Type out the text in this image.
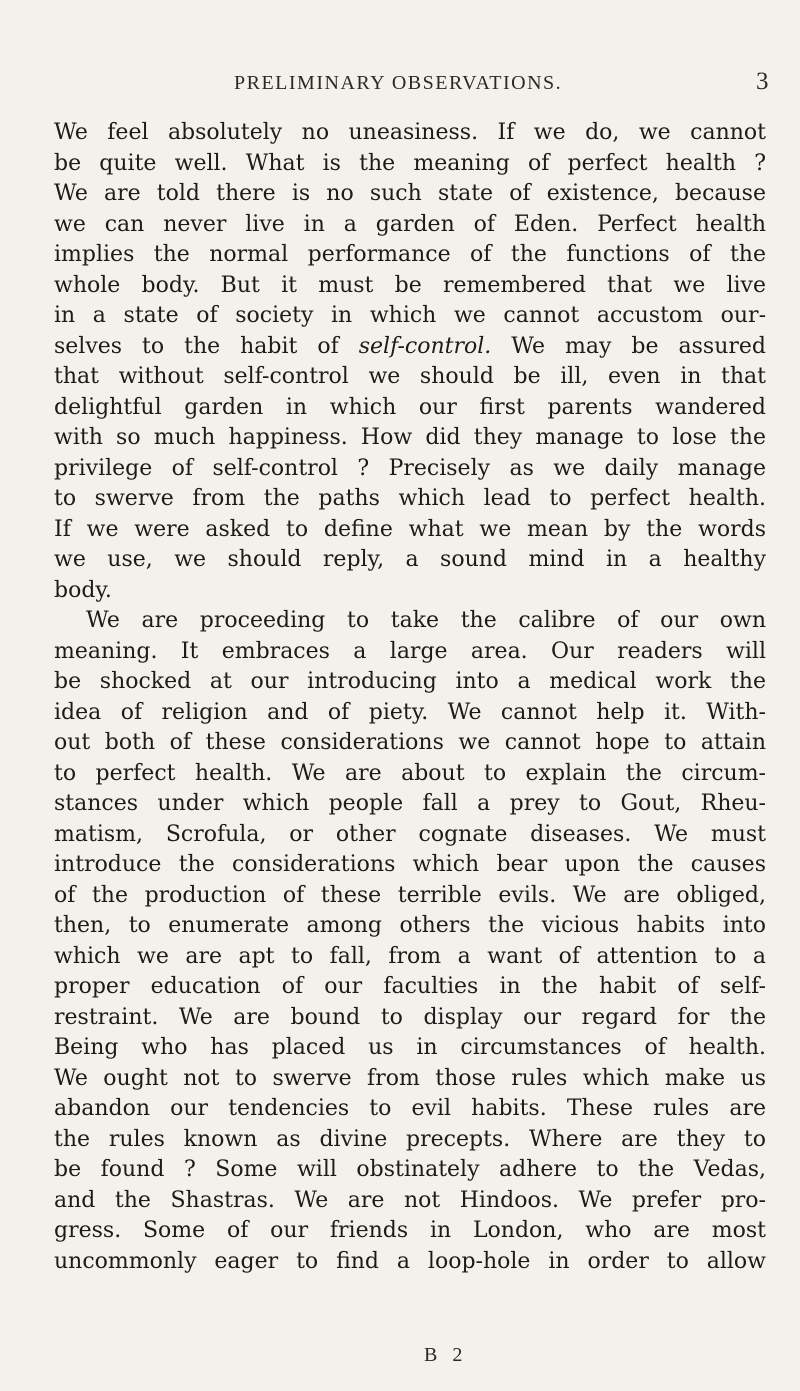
PRELIMINARY OBSERVATIONS.	3
We feel absolutely no uneasiness. If we do, we cannot
be quite well. What is the meaning of perfect health ?
We are told there is no such state of existence, because
we can never live in a garden of Eden. Perfect health
implies the normal performance of the functions of the
whole body. But it must be remembered that we live
in a state of society in which we cannot accustom our-
selves to the habit of self-control. We may be assured
that without self-control we should be ill, even in that
delightful garden in which our first parents wandered
with so much happiness. How did they manage to lose the
privilege of self-control ? Precisely as we daily manage
to swerve from the paths which lead to perfect health.
If we were asked to define what we mean by the words
we use, we should reply, a sound mind in a healthy
body.
We are proceeding to take the calibre of our own
meaning. It embraces a large area. Our readers will
be shocked at our introducing into a medical work the
idea of religion and of piety. We cannot help it. With-
out both of these considerations we cannot hope to attain
to perfect health. We are about to explain the circum-
stances under which people fall a prey to Gout, Rheu-
matism, Scrofula, or other cognate diseases. We must
introduce the considerations which bear upon the causes
of the production of these terrible evils. We are obliged,
then, to enumerate among others the vicious habits into
which we are apt to fall, from a want of attention to a
proper education of our faculties in the habit of self-
restraint. We are bound to display our regard for the
Being who has placed us in circumstances of health.
We ought not to swerve from those rules which make us
abandon our tendencies to evil habits. These rules are
the rules known as divine precepts. Where are they to
be found ? Some will obstinately adhere to the Vedas,
and the Shastras. We are not Hindoos. We prefer pro-
gress. Some of our friends in London, who are most
uncommonly eager to find a loop-hole in order to allow
B 2
